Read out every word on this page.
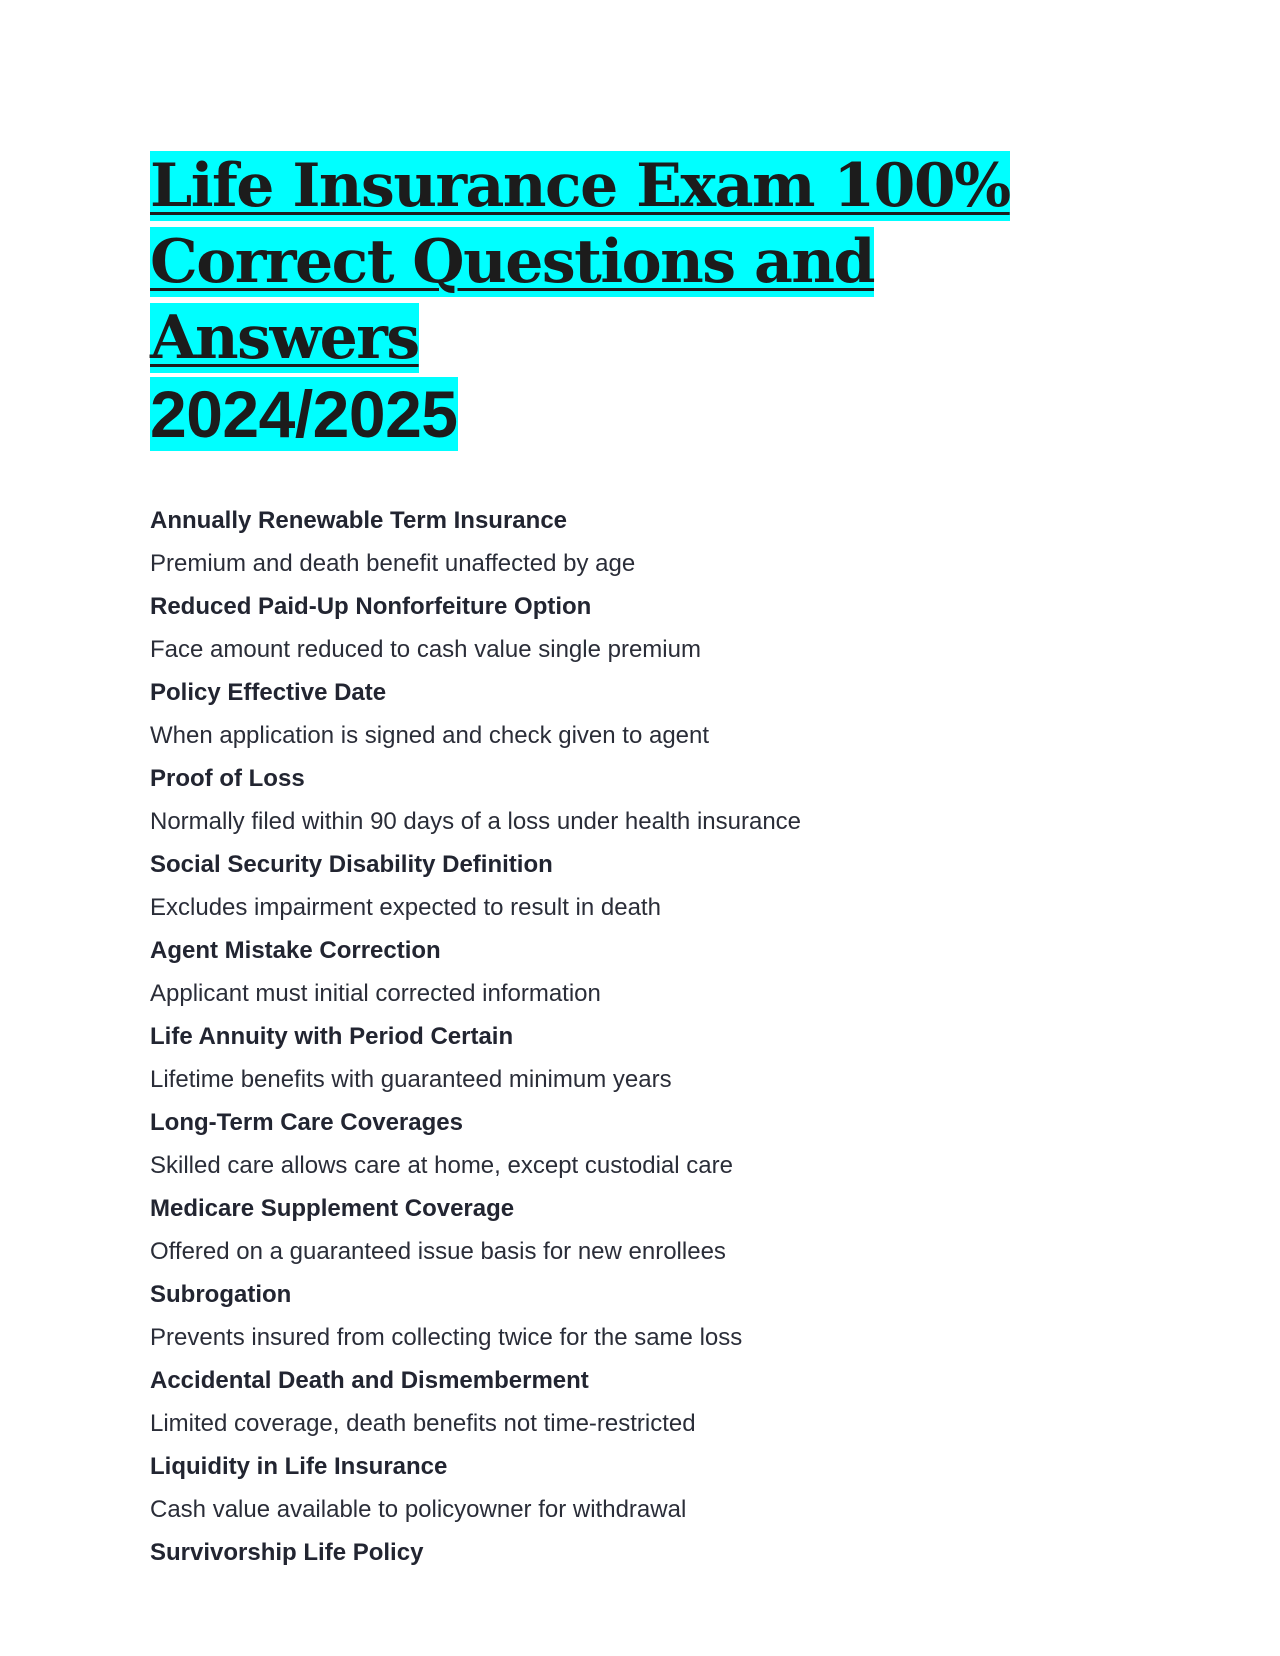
Life Insurance Exam 100%
Correct Questions and Answers
2024/2025
Annually Renewable Term Insurance
Premium and death benefit unaffected by age
Reduced Paid-Up Nonforfeiture Option
Face amount reduced to cash value single premium
Policy Effective Date
When application is signed and check given to agent
Proof of Loss
Normally filed within 90 days of a loss under health insurance
Social Security Disability Definition
Excludes impairment expected to result in death
Agent Mistake Correction
Applicant must initial corrected information
Life Annuity with Period Certain
Lifetime benefits with guaranteed minimum years
Long-Term Care Coverages
Skilled care allows care at home, except custodial care
Medicare Supplement Coverage
Offered on a guaranteed issue basis for new enrollees
Subrogation
Prevents insured from collecting twice for the same loss
Accidental Death and Dismemberment
Limited coverage, death benefits not time-restricted
Liquidity in Life Insurance
Cash value available to policyowner for withdrawal
Survivorship Life Policy
